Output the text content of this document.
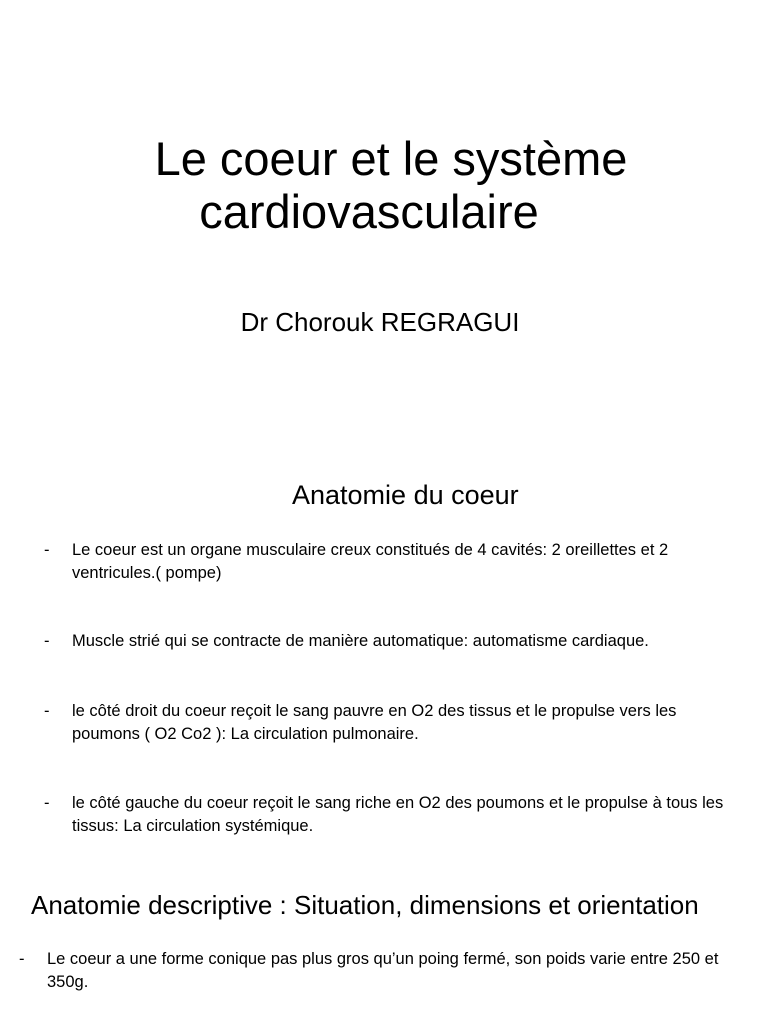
Le coeur et le système
cardiovasculaire
Dr Chorouk REGRAGUI
Anatomie du coeur
-	Le coeur est un organe musculaire creux constitués de 4 cavités: 2 oreillettes et 2 ventricules.( pompe)
-	Muscle strié qui se contracte de manière automatique: automatisme cardiaque.
-	le côté droit du coeur reçoit le sang pauvre en O2 des tissus et le propulse vers les poumons ( O2 Co2 ): La circulation pulmonaire.
-	le côté gauche du coeur reçoit le sang riche en O2 des poumons et le propulse à tous les tissus: La circulation systémique.
Anatomie descriptive : Situation, dimensions et orientation
-	Le coeur a une forme conique pas plus gros qu’un poing fermé, son poids varie entre 250 et 350g.
